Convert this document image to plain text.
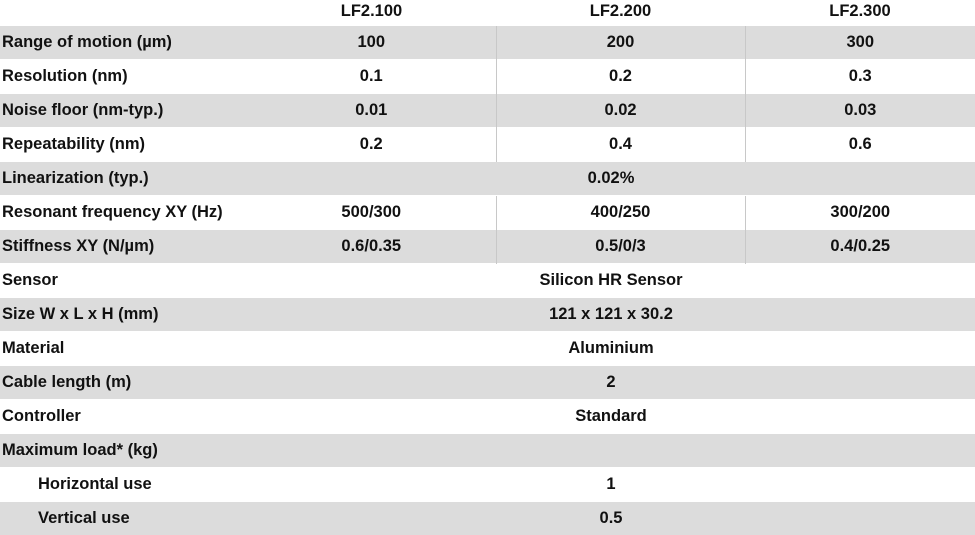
	LF2.100	LF2.200	LF2.300
Range of motion (µm)	100	200	300
Resolution (nm)	0.1	0.2	0.3
Noise floor (nm-typ.)	0.01	0.02	0.03
Repeatability (nm)	0.2	0.4	0.6
Linearization (typ.)	0.02%		
Resonant frequency XY (Hz)	500/300	400/250	300/200
Stiffness XY (N/µm)	0.6/0.35	0.5/0/3	0.4/0.25
Sensor	Silicon HR Sensor		
Size W x L x H (mm)	121 x 121 x 30.2		
Material	Aluminium		
Cable length (m)	2		
Controller	Standard		
Maximum load* (kg)			
Horizontal use	1		
Vertical use	0.5		
